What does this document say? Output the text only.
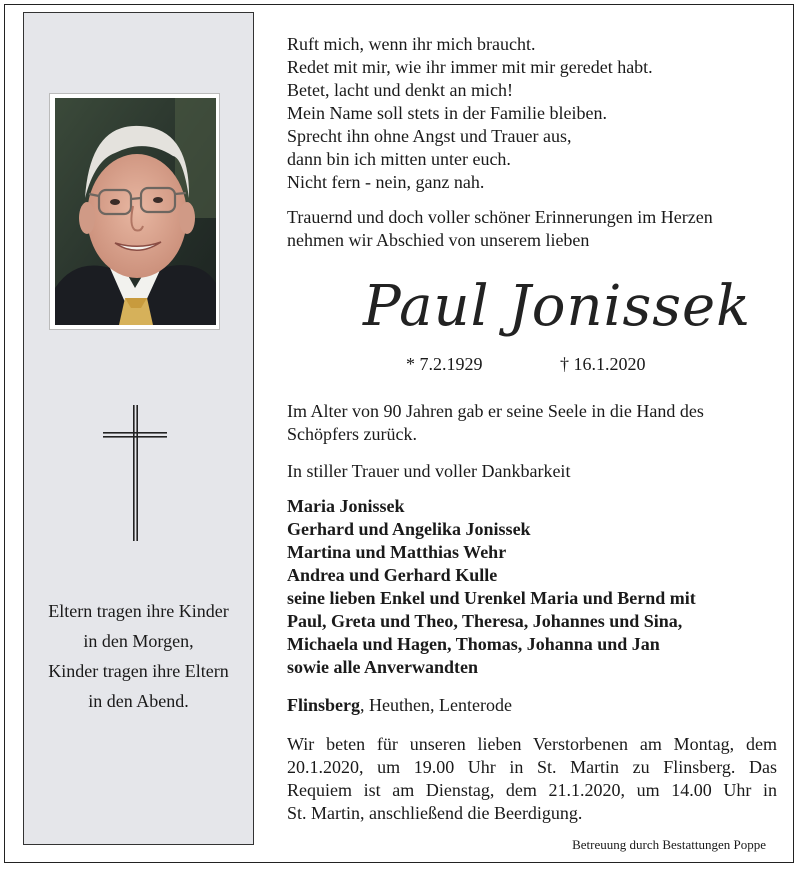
Eltern tragen ihre Kinder
in den Morgen,
Kinder tragen ihre Eltern
in den Abend.
Ruft mich, wenn ihr mich braucht.
Redet mit mir, wie ihr immer mit mir geredet habt.
Betet, lacht und denkt an mich!
Mein Name soll stets in der Familie bleiben.
Sprecht ihn ohne Angst und Trauer aus,
dann bin ich mitten unter euch.
Nicht fern - nein, ganz nah.
Trauernd und doch voller schöner Erinnerungen im Herzen
nehmen wir Abschied von unserem lieben
Paul Jonissek
* 7.2.1929	† 16.1.2020
Im Alter von 90 Jahren gab er seine Seele in die Hand des
Schöpfers zurück.
In stiller Trauer und voller Dankbarkeit
Maria Jonissek
Gerhard und Angelika Jonissek
Martina und Matthias Wehr
Andrea und Gerhard Kulle
seine lieben Enkel und Urenkel Maria und Bernd mit
Paul, Greta und Theo, Theresa, Johannes und Sina,
Michaela und Hagen, Thomas, Johanna und Jan
sowie alle Anverwandten
Flinsberg, Heuthen, Lenterode
Wir beten für unseren lieben Verstorbenen am Montag, dem
20.1.2020, um 19.00 Uhr in St. Martin zu Flinsberg. Das
Requiem ist am Dienstag, dem 21.1.2020, um 14.00 Uhr in
St. Martin, anschließend die Beerdigung.
Betreuung durch Bestattungen Poppe
